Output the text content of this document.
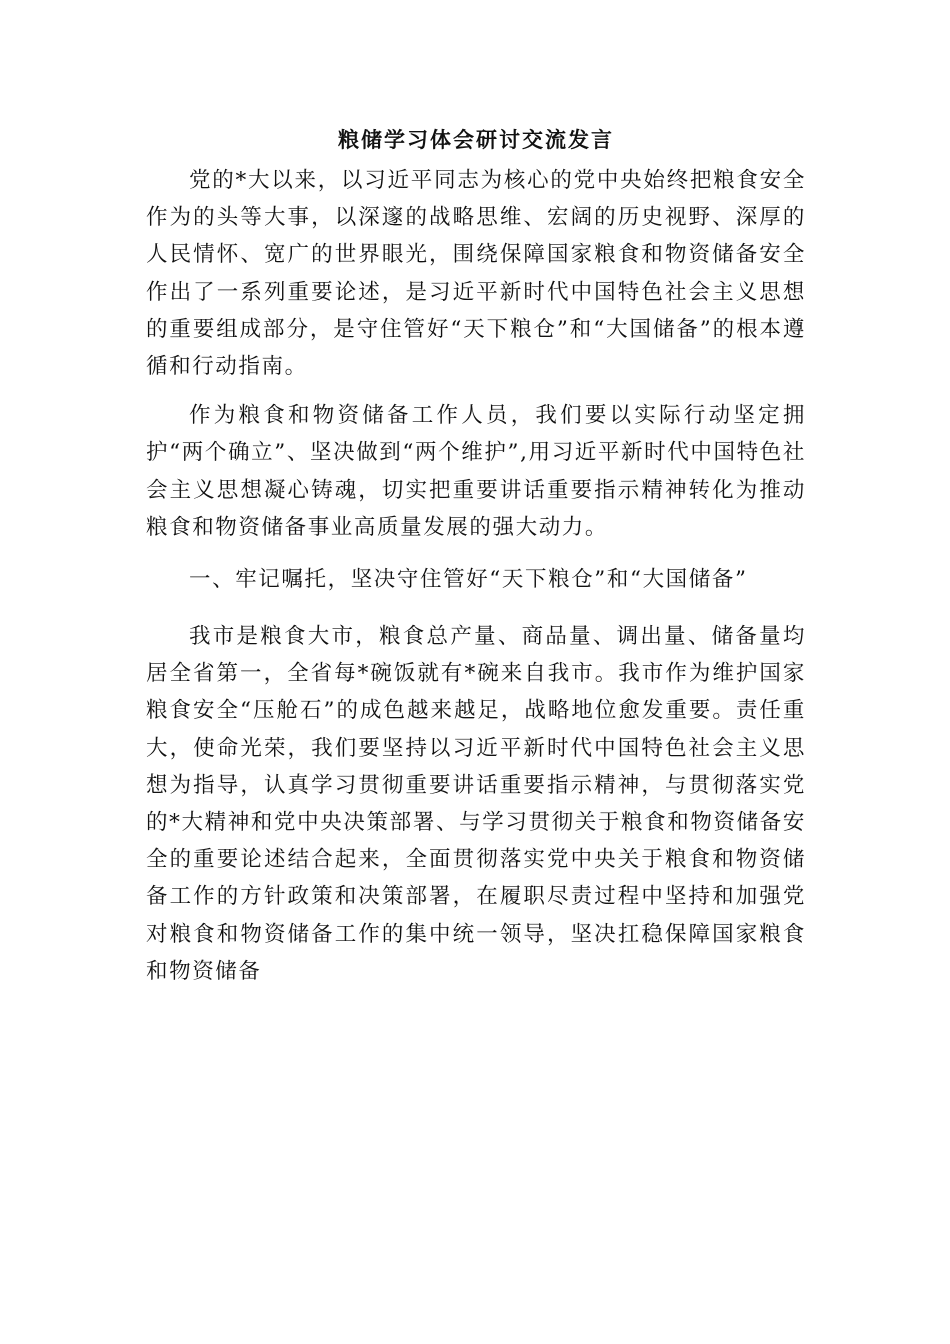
粮储学习体会研讨交流发言

党的*大以来，以习近平同志为核心的党中央始终把粮食安全作为的头等大事，以深邃的战略思维、宏阔的历史视野、深厚的人民情怀、宽广的世界眼光，围绕保障国家粮食和物资储备安全作出了一系列重要论述，是习近平新时代中国特色社会主义思想的重要组成部分，是守住管好“天下粮仓”和“大国储备”的根本遵循和行动指南。

作为粮食和物资储备工作人员，我们要以实际行动坚定拥护“两个确立”、坚决做到“两个维护”,用习近平新时代中国特色社会主义思想凝心铸魂，切实把重要讲话重要指示精神转化为推动粮食和物资储备事业高质量发展的强大动力。

一、牢记嘱托，坚决守住管好“天下粮仓”和“大国储备”

我市是粮食大市，粮食总产量、商品量、调出量、储备量均居全省第一，全省每*碗饭就有*碗来自我市。我市作为维护国家粮食安全“压舱石”的成色越来越足，战略地位愈发重要。责任重大，使命光荣，我们要坚持以习近平新时代中国特色社会主义思想为指导，认真学习贯彻重要讲话重要指示精神，与贯彻落实党的*大精神和党中央决策部署、与学习贯彻关于粮食和物资储备安全的重要论述结合起来，全面贯彻落实党中央关于粮食和物资储备工作的方针政策和决策部署，在履职尽责过程中坚持和加强党对粮食和物资储备工作的集中统一领导，坚决扛稳保障国家粮食和物资储备
